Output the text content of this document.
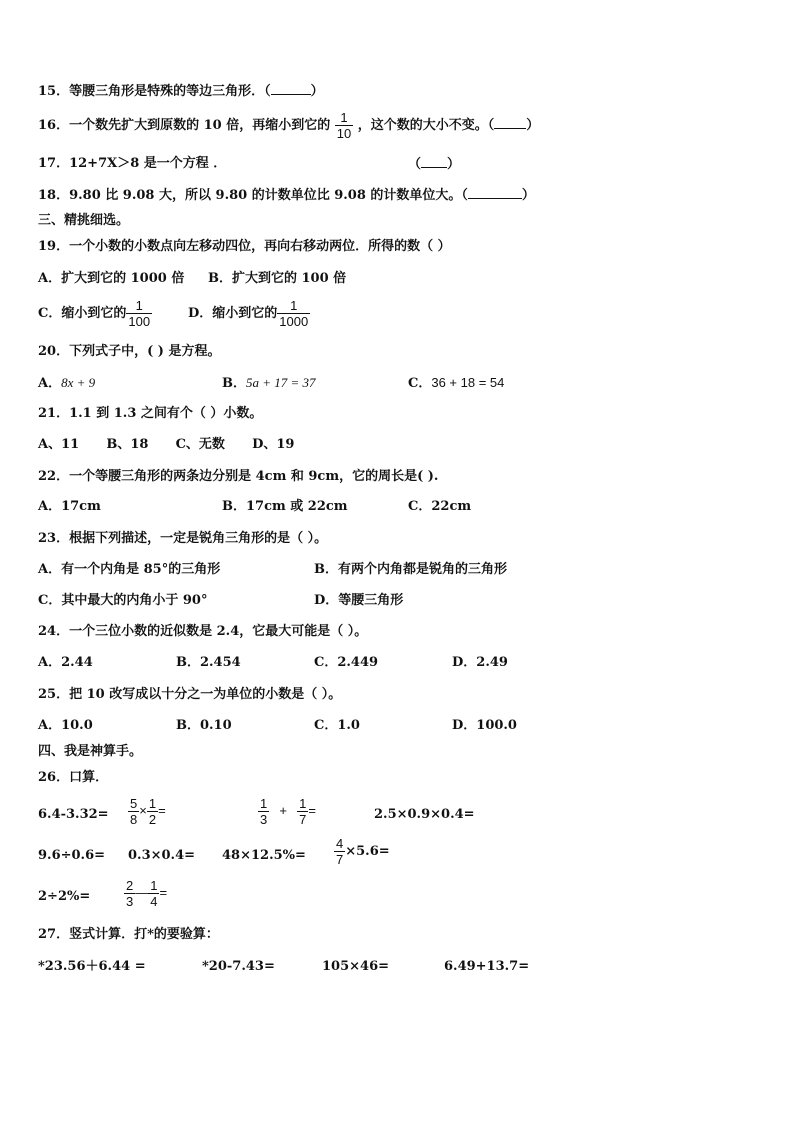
15．等腰三角形是特殊的等边三角形．（	）
16．一个数先扩大到原数的 10 倍，再缩小到它的 $\frac{1}{10}$ ，这个数的大小不变。（ ）
17．12+7X＞8 是一个方程 ．	（ ）
18．9.80 比 9.08 大，所以 9.80 的计数单位比 9.08 的计数单位大。（	）
三、精挑细选。
19．一个小数的小数点向左移动四位，再向右移动两位．所得的数（ ）
A．扩大到它的 1000 倍 B．扩大到它的 100 倍
C．缩小到它的 $\frac{1}{100}$	D．缩小到它的 $\frac{1}{1000}$
20．下列式子中，( ) 是方程。
A．8x + 9	B．5a + 17 = 37	C．36 + 18 = 54
21．1.1 到 1.3 之间有个（ ）小数。
A、11      B、18      C、无数      D、19
22．一个等腰三角形的两条边分别是 4cm 和 9cm，它的周长是( ).
A．17cm	B．17cm 或 22cm	C．22cm
23．根据下列描述，一定是锐角三角形的是（ ）。
A．有一个内角是 85°的三角形	B．有两个内角都是锐角的三角形
C．其中最大的内角小于 90°	D．等腰三角形
24．一个三位小数的近似数是 2.4，它最大可能是（ ）。
A．2.44	B．2.454	C．2.449	D．2.49
25．把 10 改写成以十分之一为单位的小数是（ ）。
A．10.0	B．0.10	C．1.0	D．100.0
四、我是神算手。
26．口算．
$6.4-3.32= \frac{5}{8} \times \frac{1}{2}$ =	$\frac{1}{3} + \frac{1}{7}$ =	2.5×0.9×0.4=
$9.6\div 0.6= 0.3\times 0.4= 48\times 12.5\%= \frac{4}{7} \times 5.6=$
2÷2%=	$\frac{2}{3}$ — $\frac{1}{4}$ =
27．竖式计算．打*的要验算：
*23.56＋6.44 =	*20-7.43=	105×46=	6.49+13.7=
